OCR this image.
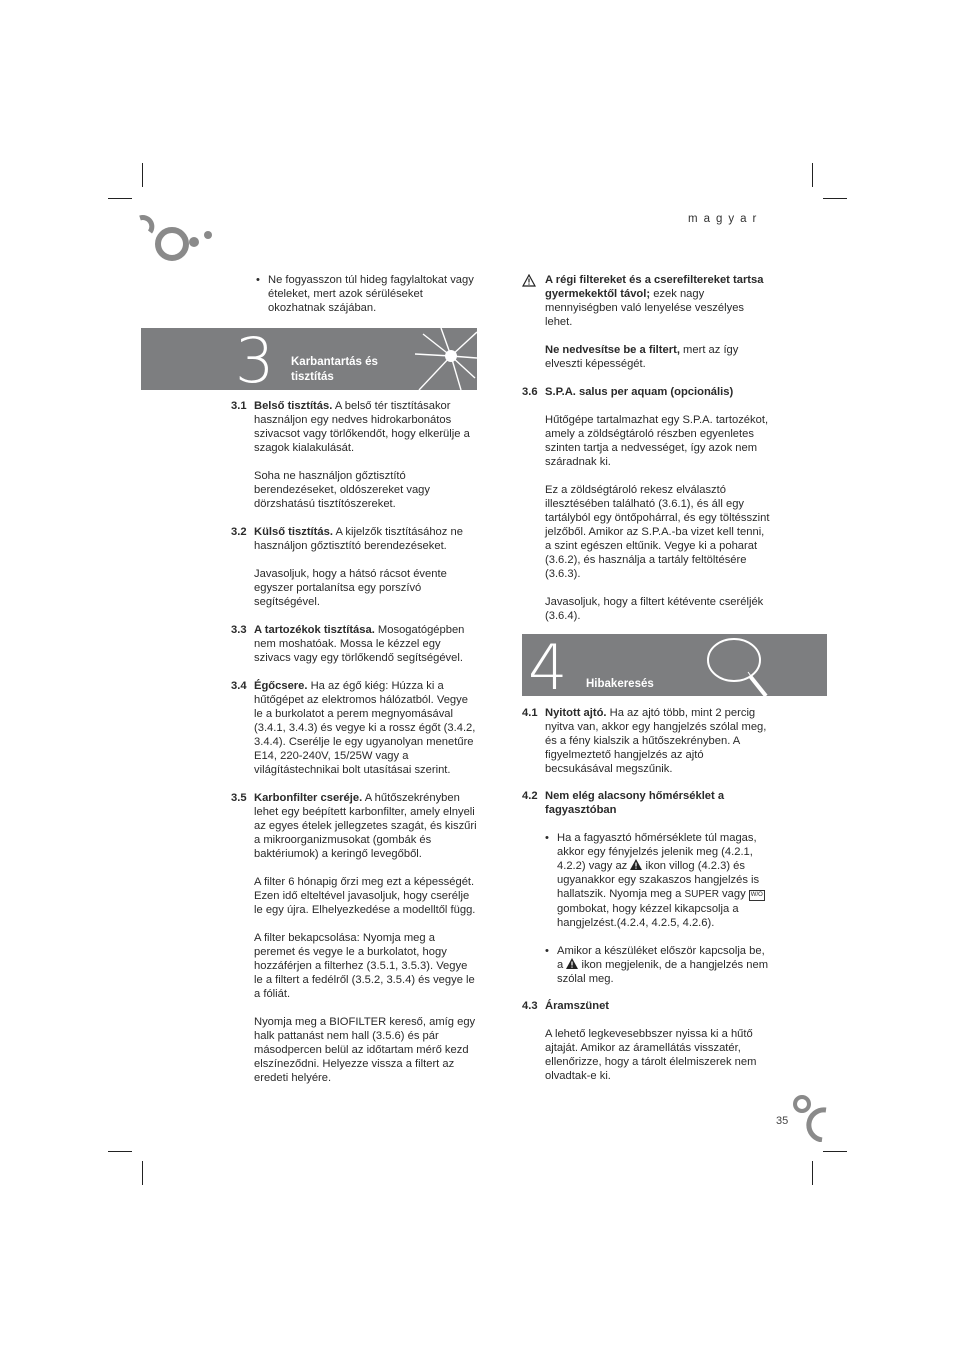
magyar
• Ne fogyasszon túl hideg fagylaltokat vagy ételeket, mert azok sérüléseket okozhatnak szájában.
3 Karbantartás és
tisztítás
3.1 Belső tisztítás. A belső tér tisztításakor használjon egy nedves hidrokarbonátos szivacsot vagy törlőkendőt, hogy elkerülje a szagok kialakulását.
Soha ne használjon gőztisztító berendezéseket, oldószereket vagy dörzshatású tisztítószereket.
3.2 Külső tisztítás. A kijelzők tisztításához ne használjon gőztisztító berendezéseket.
Javasoljuk, hogy a hátsó rácsot évente egyszer portalanítsa egy porszívó segítségével.
3.3 A tartozékok tisztítása. Mosogatógépben nem moshatóak. Mossa le kézzel egy szivacs vagy egy törlőkendő segítségével.
3.4 Égőcsere. Ha az égő kiég: Húzza ki a hűtőgépet az elektromos hálózatból. Vegye le a burkolatot a perem megnyomásával (3.4.1, 3.4.3) és vegye ki a rossz égőt (3.4.2, 3.4.4). Cserélje le egy ugyanolyan menetűre E14, 220-240V, 15/25W vagy a világítástechnikai bolt utasításai szerint.
3.5 Karbonfilter cseréje. A hűtőszekrényben lehet egy beépített karbonfilter, amely elnyeli az egyes ételek jellegzetes szagát, és kiszűri a mikroorganizmusokat (gombák és baktériumok) a keringő levegőből.
A filter 6 hónapig őrzi meg ezt a képességét. Ezen idő elteltével javasoljuk, hogy cserélje le egy újra. Elhelyezkedése a modelltől függ.
A filter bekapcsolása: Nyomja meg a peremet és vegye le a burkolatot, hogy hozzáférjen a filterhez (3.5.1, 3.5.3). Vegye le a filtert a fedélről (3.5.2, 3.5.4) és vegye le a fóliát.
Nyomja meg a BIOFILTER kereső, amíg egy halk pattanást nem hall (3.5.6) és pár másodpercen belül az időtartam mérő kezd elszíneződni. Helyezze vissza a filtert az eredeti helyére.
A régi filtereket és a cserefiltereket tartsa gyermekektől távol; ezek nagy mennyiségben való lenyelése veszélyes lehet.
Ne nedvesítse be a filtert, mert az így elveszti képességét.
3.6 S.P.A. salus per aquam (opcionális)
Hűtőgépe tartalmazhat egy S.P.A. tartozékot, amely a zöldségtároló részben egyenletes szinten tartja a nedvességet, így azok nem száradnak ki.
Ez a zöldségtároló rekesz elválasztó illesztésében található (3.6.1), és áll egy tartályból egy öntőpohárral, és egy töltésszint jelzőből. Amikor az S.P.A.-ba vizet kell tenni, a szint egészen eltűnik. Vegye ki a poharat (3.6.2), és használja a tartály feltöltésére (3.6.3).
Javasoljuk, hogy a filtert kétévente cseréljék (3.6.4).
4 Hibakeresés
4.1 Nyitott ajtó. Ha az ajtó több, mint 2 percig nyitva van, akkor egy hangjelzés szólal meg, és a fény kialszik a hűtőszekrényben. A figyelmeztető hangjelzés az ajtó becsukásával megszűnik.
4.2 Nem elég alacsony hőmérséklet a fagyasztóban
• Ha a fagyasztó hőmérséklete túl magas, akkor egy fényjelzés jelenik meg (4.2.1, 4.2.2) vagy az  ikon villog (4.2.3) és ugyanakkor egy szakaszos hangjelzés is hallatszik. Nyomja meg a SUPER vagy W/O gombokat, hogy kézzel kikapcsolja a hangjelzést.(4.2.4, 4.2.5, 4.2.6).
• Amikor a készüléket először kapcsolja be, a  ikon megjelenik, de a hangjelzés nem szólal meg.
4.3 Áramszünet
A lehető legkevesebbszer nyissa ki a hűtő ajtaját. Amikor az áramellátás visszatér, ellenőrizze, hogy a tárolt élelmiszerek nem olvadtak-e ki.
35
